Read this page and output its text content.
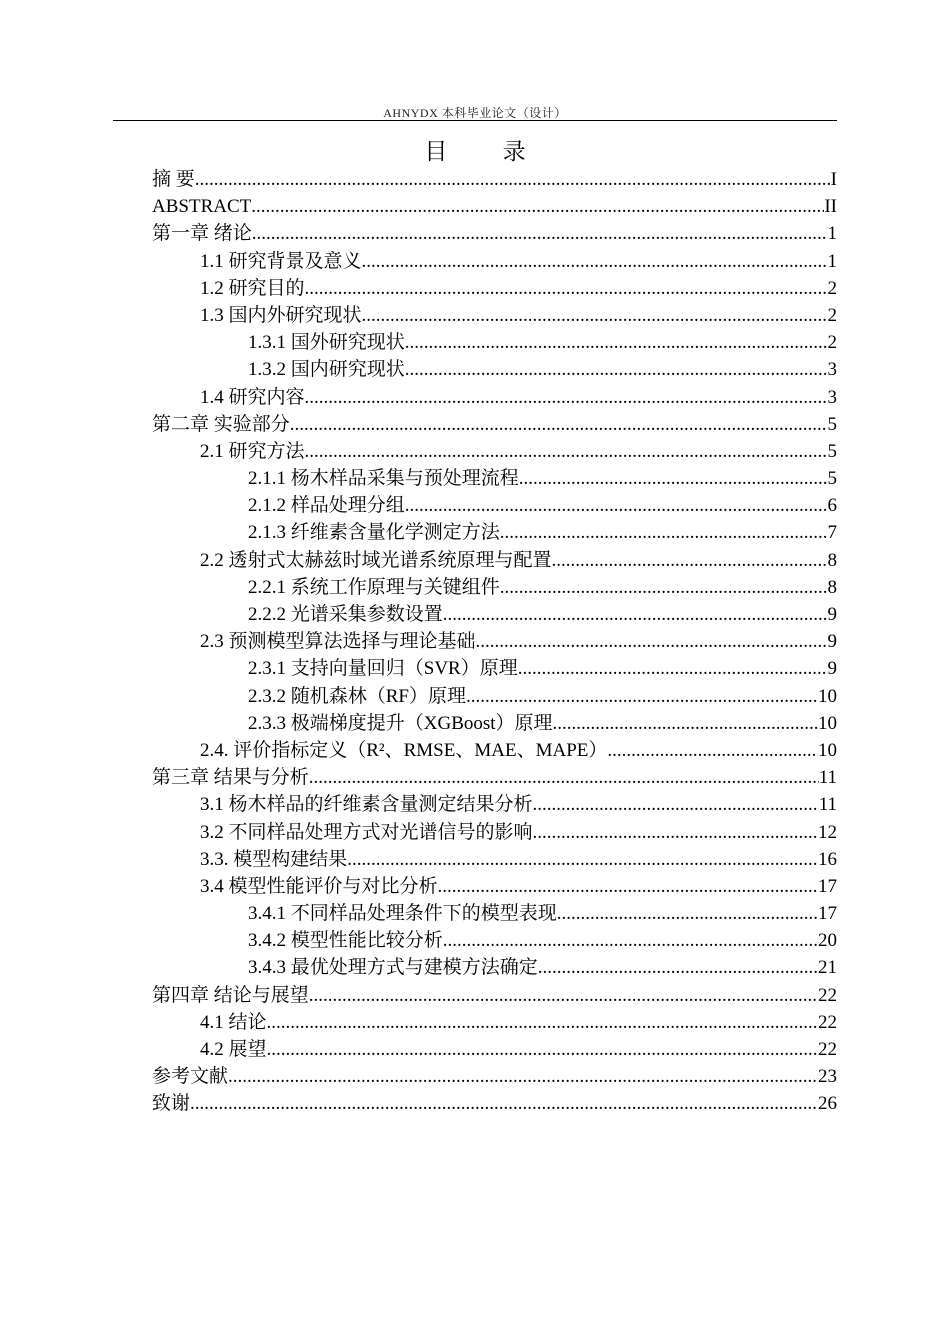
AHNYDX 本科毕业论文（设计）
目 录
摘 要 .....	I
ABSTRACT .....	II
第一章 绪论 .....	1
1.1 研究背景及意义 .....	1
1.2 研究目的 .....	2
1.3 国内外研究现状 .....	2
1.3.1 国外研究现状 .....	2
1.3.2 国内研究现状 .....	3
1.4 研究内容 .....	3
第二章 实验部分 .....	5
2.1 研究方法 .....	5
2.1.1 杨木样品采集与预处理流程 .....	5
2.1.2 样品处理分组 .....	6
2.1.3 纤维素含量化学测定方法 .....	7
2.2 透射式太赫兹时域光谱系统原理与配置 .....	8
2.2.1 系统工作原理与关键组件 .....	8
2.2.2 光谱采集参数设置 .....	9
2.3 预测模型算法选择与理论基础 .....	9
2.3.1 支持向量回归（SVR）原理 .....	9
2.3.2 随机森林（RF）原理 .....	10
2.3.3 极端梯度提升（XGBoost）原理 .....	10
2.4. 评价指标定义（R²、RMSE、MAE、MAPE） .....	10
第三章 结果与分析 .....	11
3.1 杨木样品的纤维素含量测定结果分析 .....	11
3.2 不同样品处理方式对光谱信号的影响 .....	12
3.3. 模型构建结果 .....	16
3.4 模型性能评价与对比分析 .....	17
3.4.1 不同样品处理条件下的模型表现 .....	17
3.4.2 模型性能比较分析 .....	20
3.4.3 最优处理方式与建模方法确定 .....	21
第四章 结论与展望 .....	22
4.1 结论 .....	22
4.2 展望 .....	22
参考文献 .....	23
致谢 .....	26
